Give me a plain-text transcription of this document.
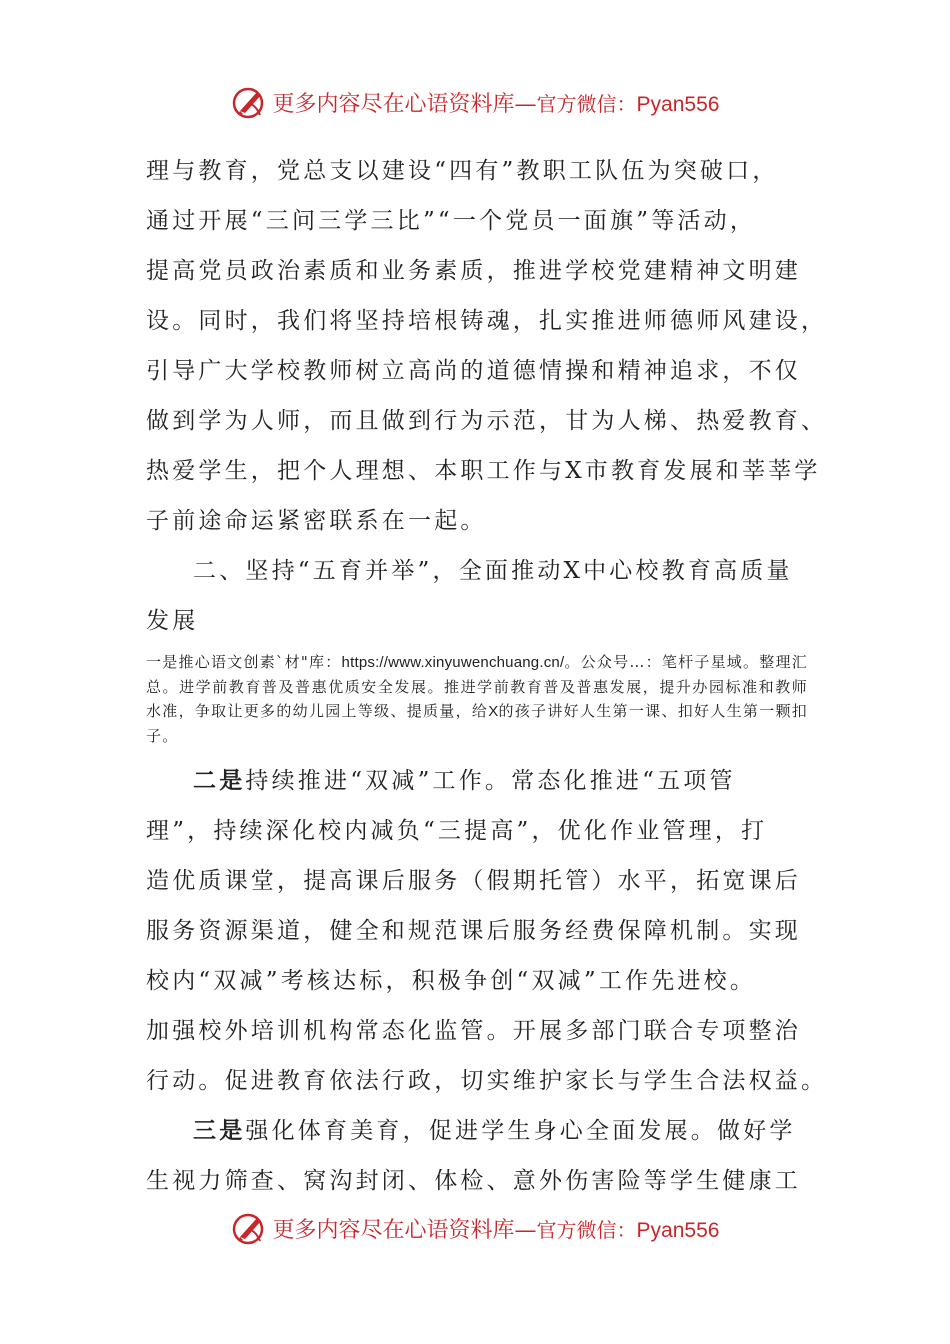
更多内容尽在心语资料库—官方微信：Pyan556
理与教育，党总支以建设“四有”教职工队伍为突破口，
通过开展“三问三学三比”“一个党员一面旗”等活动，
提高党员政治素质和业务素质，推进学校党建精神文明建
设。同时，我们将坚持培根铸魂，扎实推进师德师风建设，
引导广大学校教师树立高尚的道德情操和精神追求，不仅
做到学为人师，而且做到行为示范，甘为人梯、热爱教育、
热爱学生，把个人理想、本职工作与X市教育发展和莘莘学
子前途命运紧密联系在一起。
二、坚持“五育并举”，全面推动X中心校教育高质量
发展
一是推心语文创素`材"库：https://www.xinyuwenchuang.cn/。公众号…：笔杆子星域。整理汇总。进学前教育普及普惠优质安全发展。推进学前教育普及普惠发展，提升办园标准和教师水准，争取让更多的幼儿园上等级、提质量，给X的孩子讲好人生第一课、扣好人生第一颗扣子。
二是持续推进“双减”工作。常态化推进“五项管
理”，持续深化校内减负“三提高”，优化作业管理，打
造优质课堂，提高课后服务（假期托管）水平，拓宽课后
服务资源渠道，健全和规范课后服务经费保障机制。实现
校内“双减”考核达标，积极争创“双减”工作先进校。
加强校外培训机构常态化监管。开展多部门联合专项整治
行动。促进教育依法行政，切实维护家长与学生合法权益。
三是强化体育美育，促进学生身心全面发展。做好学
生视力筛查、窝沟封闭、体检、意外伤害险等学生健康工
更多内容尽在心语资料库—官方微信：Pyan556
